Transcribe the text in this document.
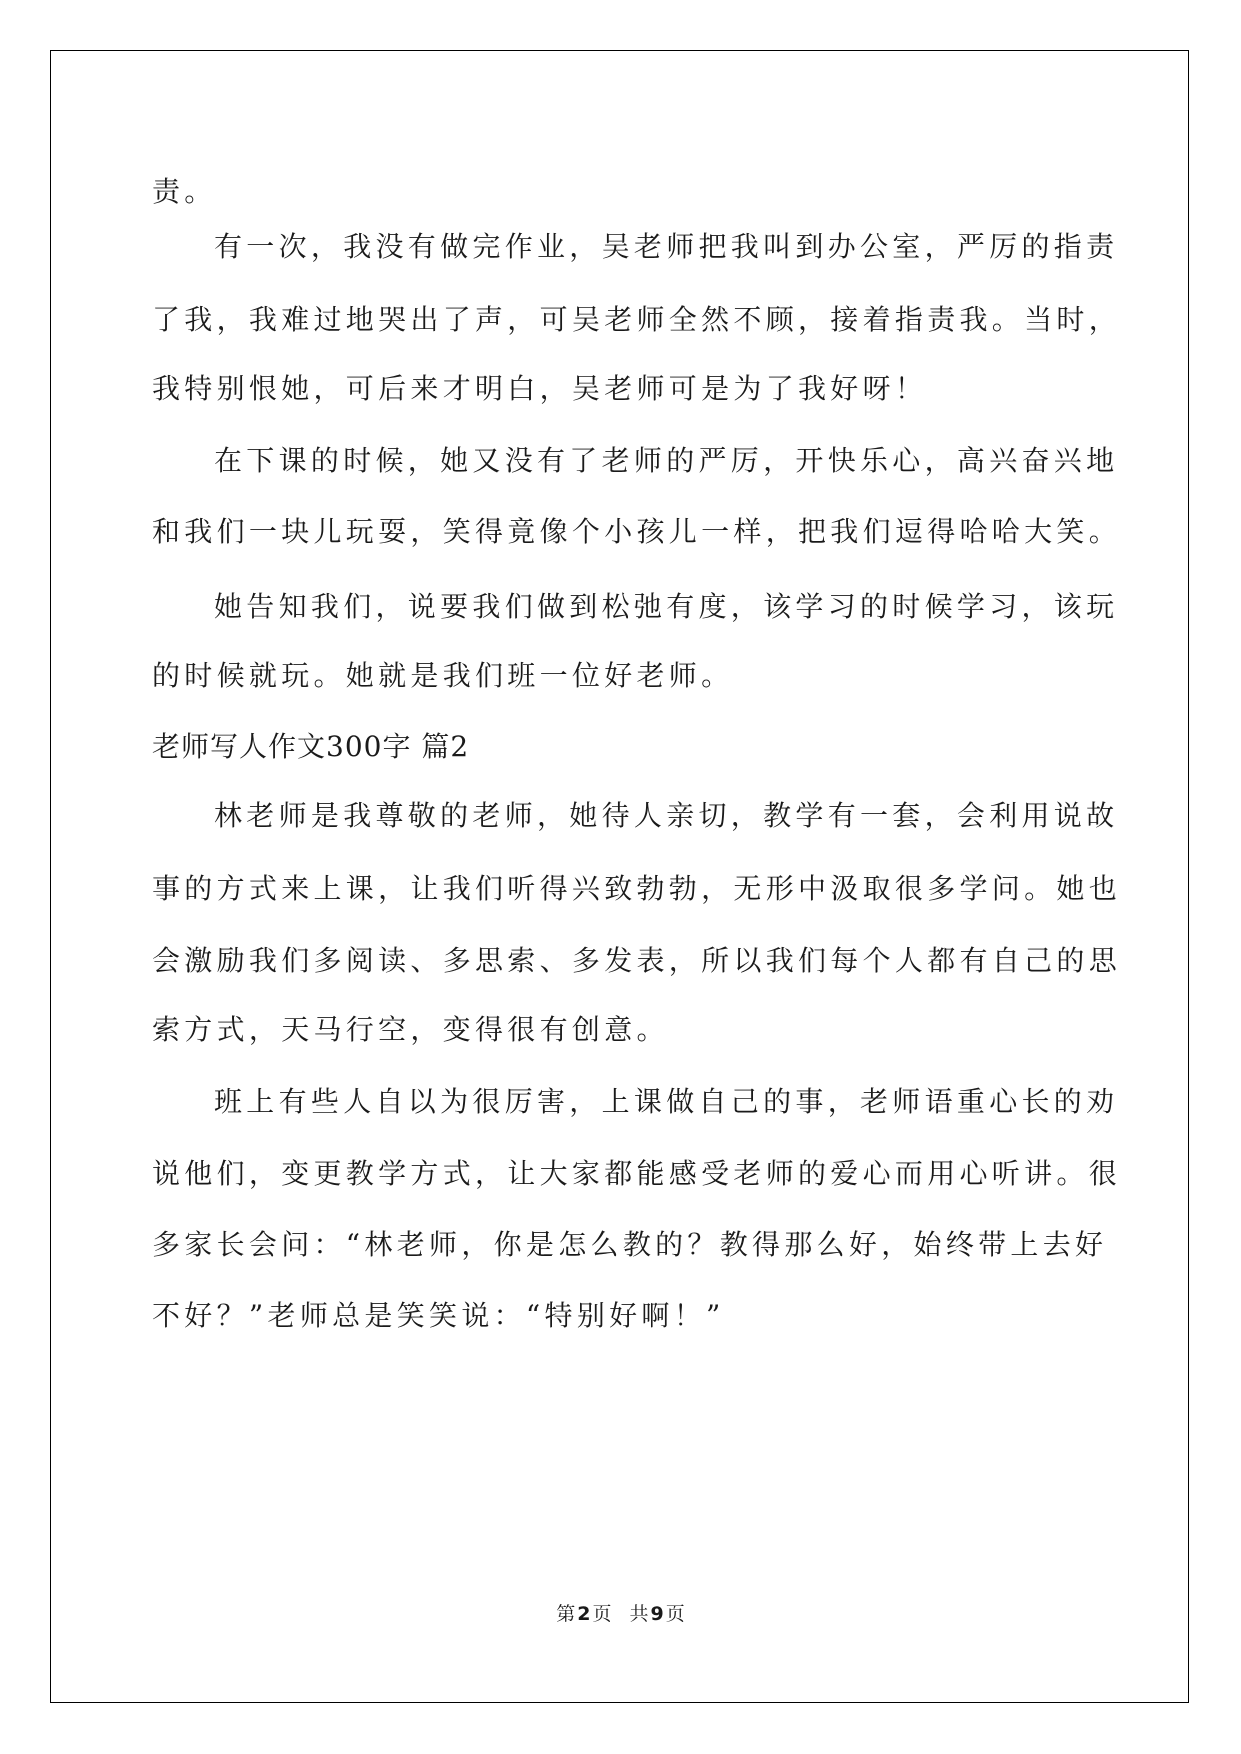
责。
有一次，我没有做完作业，吴老师把我叫到办公室，严厉的指责
了我，我难过地哭出了声，可吴老师全然不顾，接着指责我。当时，
我特别恨她，可后来才明白，吴老师可是为了我好呀！
在下课的时候，她又没有了老师的严厉，开快乐心，高兴奋兴地
和我们一块儿玩耍，笑得竟像个小孩儿一样，把我们逗得哈哈大笑。
她告知我们，说要我们做到松弛有度，该学习的时候学习，该玩
的时候就玩。她就是我们班一位好老师。
老师写人作文300字 篇2
林老师是我尊敬的老师，她待人亲切，教学有一套，会利用说故
事的方式来上课，让我们听得兴致勃勃，无形中汲取很多学问。她也
会激励我们多阅读、多思索、多发表，所以我们每个人都有自己的思
索方式，天马行空，变得很有创意。
班上有些人自以为很厉害，上课做自己的事，老师语重心长的劝
说他们，变更教学方式，让大家都能感受老师的爱心而用心听讲。很
多家长会问：“林老师，你是怎么教的？教得那么好，始终带上去好
不好？”老师总是笑笑说：“特别好啊！”
第 2 页 共 9 页
